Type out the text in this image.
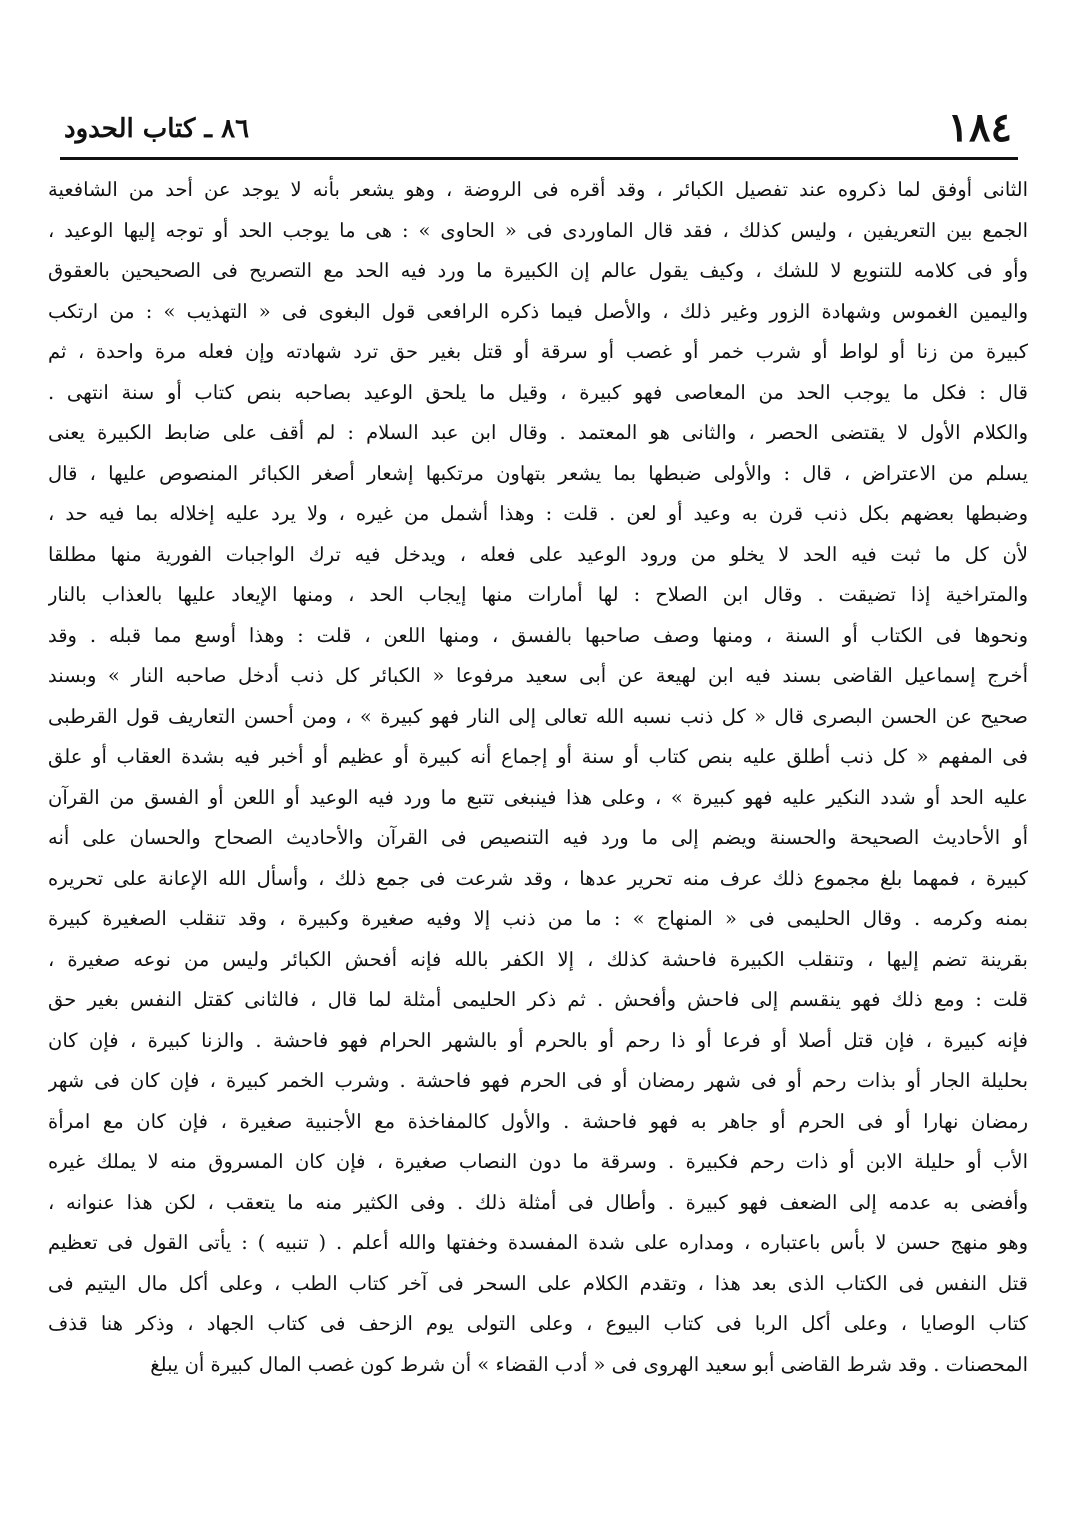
٨٦ ـ كتاب الحدود	١٨٤
الثانى أوفق لما ذكروه عند تفصيل الكبائر ، وقد أقره فى الروضة ، وهو يشعر بأنه لا يوجد عن أحد من الشافعية
الجمع بين التعريفين ، وليس كذلك ، فقد قال الماوردى فى « الحاوى » : هى ما يوجب الحد أو توجه إليها الوعيد ،
وأو فى كلامه للتنويع لا للشك ، وكيف يقول عالم إن الكبيرة ما ورد فيه الحد مع التصريح فى الصحيحين بالعقوق
واليمين الغموس وشهادة الزور وغير ذلك ، والأصل فيما ذكره الرافعى قول البغوى فى « التهذيب » : من ارتكب
كبيرة من زنا أو لواط أو شرب خمر أو غصب أو سرقة أو قتل بغير حق ترد شهادته وإن فعله مرة واحدة ، ثم
قال : فكل ما يوجب الحد من المعاصى فهو كبيرة ، وقيل ما يلحق الوعيد بصاحبه بنص كتاب أو سنة انتهى .
والكلام الأول لا يقتضى الحصر ، والثانى هو المعتمد . وقال ابن عبد السلام : لم أقف على ضابط الكبيرة يعنى
يسلم من الاعتراض ، قال : والأولى ضبطها بما يشعر بتهاون مرتكبها إشعار أصغر الكبائر المنصوص عليها ، قال
وضبطها بعضهم بكل ذنب قرن به وعيد أو لعن . قلت : وهذا أشمل من غيره ، ولا يرد عليه إخلاله بما فيه حد ،
لأن كل ما ثبت فيه الحد لا يخلو من ورود الوعيد على فعله ، ويدخل فيه ترك الواجبات الفورية منها مطلقا
والمتراخية إذا تضيقت . وقال ابن الصلاح : لها أمارات منها إيجاب الحد ، ومنها الإيعاد عليها بالعذاب بالنار
ونحوها فى الكتاب أو السنة ، ومنها وصف صاحبها بالفسق ، ومنها اللعن ، قلت : وهذا أوسع مما قبله . وقد
أخرج إسماعيل القاضى بسند فيه ابن لهيعة عن أبى سعيد مرفوعا « الكبائر كل ذنب أدخل صاحبه النار » وبسند
صحيح عن الحسن البصرى قال « كل ذنب نسبه الله تعالى إلى النار فهو كبيرة » ، ومن أحسن التعاريف قول القرطبى
فى المفهم « كل ذنب أطلق عليه بنص كتاب أو سنة أو إجماع أنه كبيرة أو عظيم أو أخبر فيه بشدة العقاب أو علق
عليه الحد أو شدد النكير عليه فهو كبيرة » ، وعلى هذا فينبغى تتبع ما ورد فيه الوعيد أو اللعن أو الفسق من القرآن
أو الأحاديث الصحيحة والحسنة ويضم إلى ما ورد فيه التنصيص فى القرآن والأحاديث الصحاح والحسان على أنه
كبيرة ، فمهما بلغ مجموع ذلك عرف منه تحرير عدها ، وقد شرعت فى جمع ذلك ، وأسأل الله الإعانة على تحريره
بمنه وكرمه . وقال الحليمى فى « المنهاج » : ما من ذنب إلا وفيه صغيرة وكبيرة ، وقد تنقلب الصغيرة كبيرة
بقرينة تضم إليها ، وتنقلب الكبيرة فاحشة كذلك ، إلا الكفر بالله فإنه أفحش الكبائر وليس من نوعه صغيرة ،
قلت : ومع ذلك فهو ينقسم إلى فاحش وأفحش . ثم ذكر الحليمى أمثلة لما قال ، فالثانى كقتل النفس بغير حق
فإنه كبيرة ، فإن قتل أصلا أو فرعا أو ذا رحم أو بالحرم أو بالشهر الحرام فهو فاحشة . والزنا كبيرة ، فإن كان
بحليلة الجار أو بذات رحم أو فى شهر رمضان أو فى الحرم فهو فاحشة . وشرب الخمر كبيرة ، فإن كان فى شهر
رمضان نهارا أو فى الحرم أو جاهر به فهو فاحشة . والأول كالمفاخذة مع الأجنبية صغيرة ، فإن كان مع امرأة
الأب أو حليلة الابن أو ذات رحم فكبيرة . وسرقة ما دون النصاب صغيرة ، فإن كان المسروق منه لا يملك غيره
وأفضى به عدمه إلى الضعف فهو كبيرة . وأطال فى أمثلة ذلك . وفى الكثير منه ما يتعقب ، لكن هذا عنوانه ،
وهو منهج حسن لا بأس باعتباره ، ومداره على شدة المفسدة وخفتها والله أعلم . ( تنبيه ) : يأتى القول فى تعظيم
قتل النفس فى الكتاب الذى بعد هذا ، وتقدم الكلام على السحر فى آخر كتاب الطب ، وعلى أكل مال اليتيم فى
كتاب الوصايا ، وعلى أكل الربا فى كتاب البيوع ، وعلى التولى يوم الزحف فى كتاب الجهاد ، وذكر هنا قذف
المحصنات . وقد شرط القاضى أبو سعيد الهروى فى « أدب القضاء » أن شرط كون غصب المال كبيرة أن يبلغ
